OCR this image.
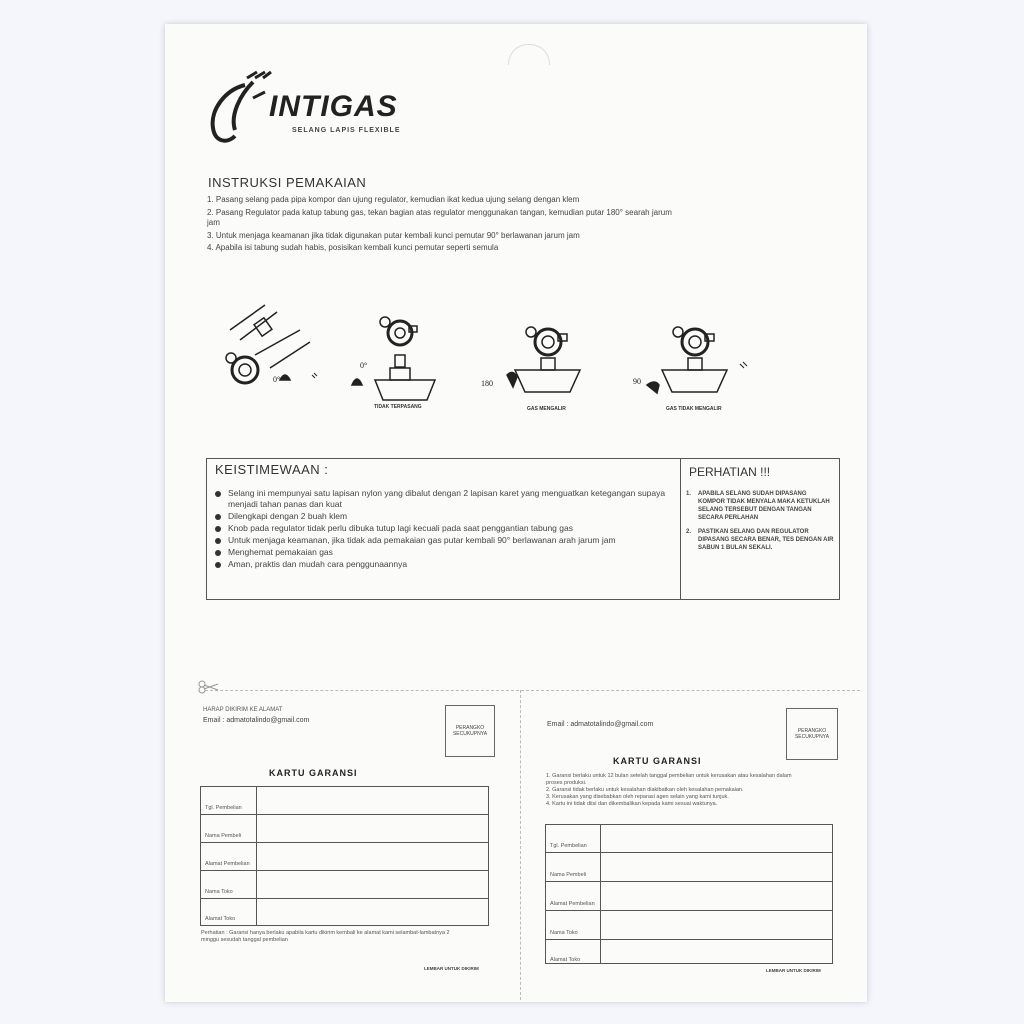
INTIGAS
SELANG LAPIS FLEXIBLE
INSTRUKSI PEMAKAIAN
1. Pasang selang pada pipa kompor dan ujung regulator, kemudian ikat kedua ujung selang dengan klem
2. Pasang Regulator pada katup tabung gas, tekan bagian atas regulator menggunakan tangan, kemudian putar 180° searah jarum jam
3. Untuk menjaga keamanan jika tidak digunakan putar kembali kunci pemutar 90° berlawanan jarum jam
4. Apabila isi tabung sudah habis, posisikan kembali kunci pemutar seperti semula
0°
0°
180	90
TIDAK TERPASANG	GAS MENGALIR	GAS TIDAK MENGALIR
KEISTIMEWAAN :
Selang ini mempunyai satu lapisan nylon yang dibalut dengan 2 lapisan karet yang menguatkan ketegangan supaya menjadi tahan panas dan kuat
Dilengkapi dengan 2 buah klem
Knob pada regulator tidak perlu dibuka tutup lagi kecuali pada saat penggantian tabung gas
Untuk menjaga keamanan, jika tidak ada pemakaian gas putar kembali 90° berlawanan arah jarum jam
Menghemat pemakaian gas
Aman, praktis dan mudah cara penggunaannya
PERHATIAN !!!
1.	APABILA SELANG SUDAH DIPASANG KOMPOR TIDAK MENYALA MAKA KETUKLAH SELANG TERSEBUT DENGAN TANGAN SECARA PERLAHAN
2.	PASTIKAN SELANG DAN REGULATOR DIPASANG SECARA BENAR, TES DENGAN AIR SABUN 1 BULAN SEKALI.
HARAP DIKIRIM KE ALAMAT
Email : admatotalindo@gmail.com
PERANGKO SECUKUPNYA
KARTU GARANSI
Tgl. Pembelian
Nama Pembeli
Alamat Pembelian
Nama Toko
Alamat Toko
Perhatian : Garansi hanya berlaku apabila kartu dikirim kembali ke alamat kami selambat-lambatnya 2 minggu sesudah tanggal pembelian
LEMBAR UNTUK DIKIRIM
Email : admatotalindo@gmail.com
PERANGKO SECUKUPNYA
KARTU GARANSI
1. Garansi berlaku untuk 12 bulan setelah tanggal pembelian untuk kerusakan atau kesalahan dalam proses produksi.
2. Garansi tidak berlaku untuk kesalahan diakibatkan oleh kesalahan pemakaian.
3. Kerusakan yang disebabkan oleh reparasi agen selain yang kami tunjuk.
4. Kartu ini tidak diisi dan dikembalikan kepada kami sesuai waktunya.
Tgl. Pembelian
Nama Pembeli
Alamat Pembelian
Nama Toko
Alamat Toko
LEMBAR UNTUK DIKIRIM
